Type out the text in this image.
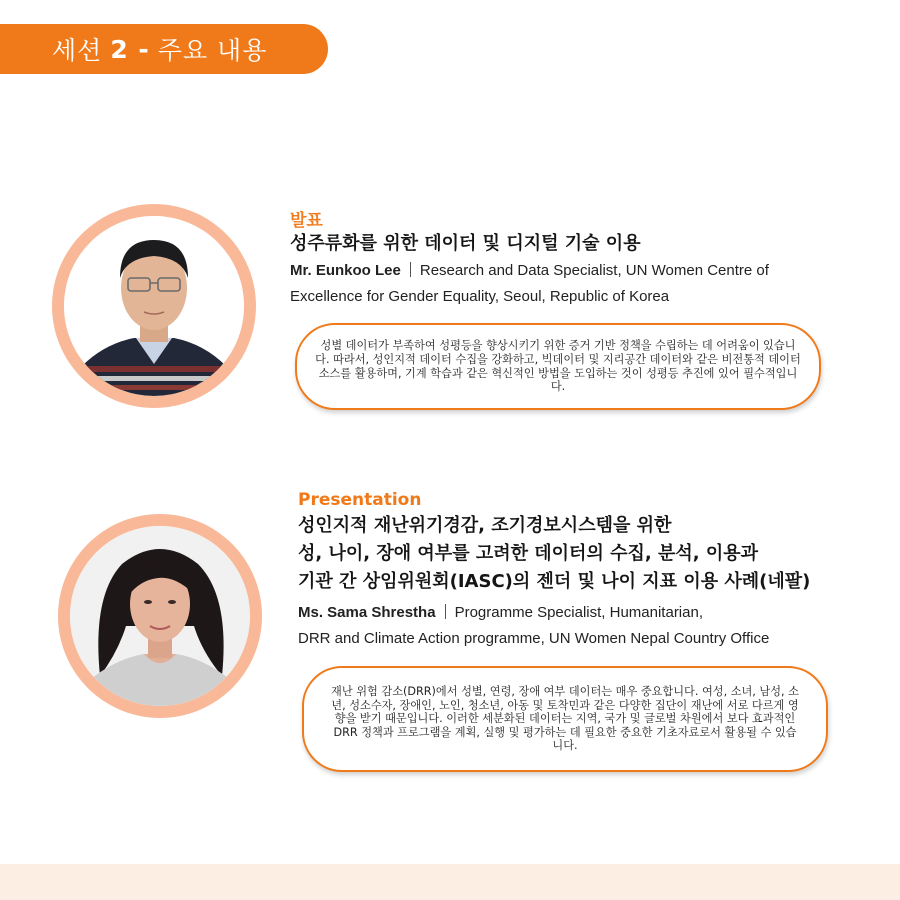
세션 2 - 주요 내용
발표
성주류화를 위한 데이터 및 디지털 기술 이용
Mr. Eunkoo Lee Research and Data Specialist, UN Women Centre of
Excellence for Gender Equality, Seoul, Republic of Korea
성별 데이터가 부족하여 성평등을 향상시키기 위한 증거 기반 정책을 수립하는 데 어려움이 있습니다. 따라서, 성인지적 데이터 수집을 강화하고, 빅데이터 및 지리공간 데이터와 같은 비전통적 데이터 소스를 활용하며, 기계 학습과 같은 혁신적인 방법을 도입하는 것이 성평등 추진에 있어 필수적입니다.
Presentation
성인지적 재난위기경감, 조기경보시스템을 위한
성, 나이, 장애 여부를 고려한 데이터의 수집, 분석, 이용과
기관 간 상임위원회(IASC)의 젠더 및 나이 지표 이용 사례(네팔)
Ms. Sama Shrestha Programme Specialist, Humanitarian,
DRR and Climate Action programme, UN Women Nepal Country Office
재난 위험 감소(DRR)에서 성별, 연령, 장애 여부 데이터는 매우 중요합니다. 여성, 소녀, 남성, 소년, 성소수자, 장애인, 노인, 청소년, 아동 및 토착민과 같은 다양한 집단이 재난에 서로 다르게 영향을 받기 때문입니다. 이러한 세분화된 데이터는 지역, 국가 및 글로벌 차원에서 보다 효과적인 DRR 정책과 프로그램을 계획, 실행 및 평가하는 데 필요한 중요한 기초자료로서 활용될 수 있습니다.
